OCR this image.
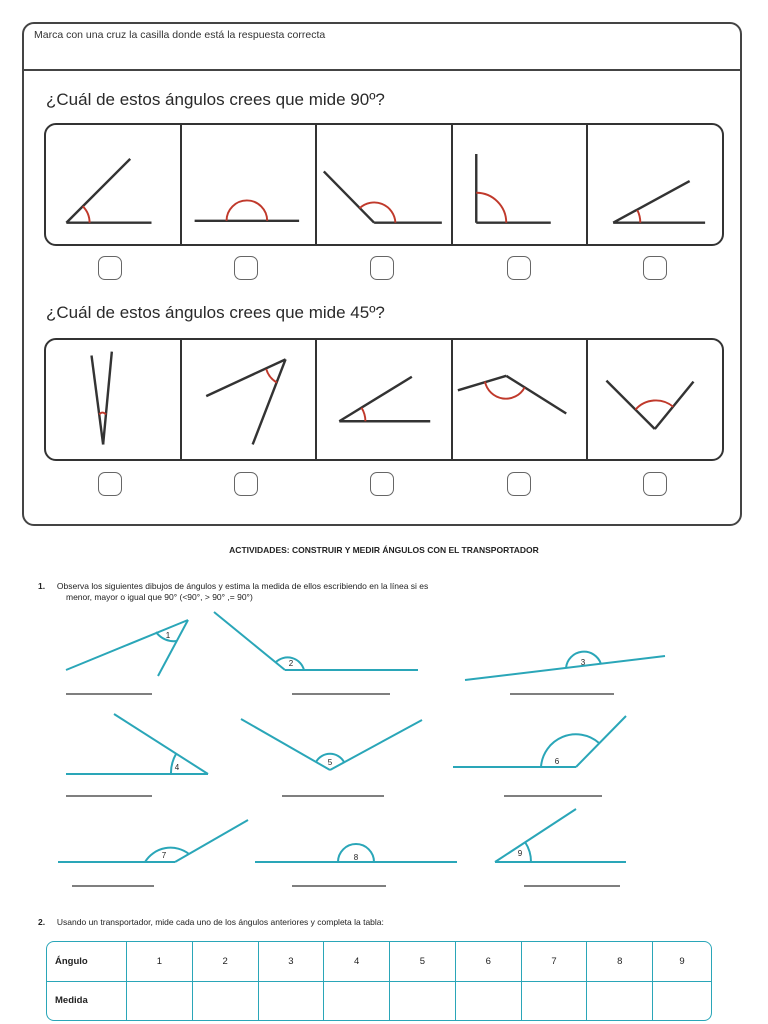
Marca con una cruz la casilla donde está la respuesta correcta
¿Cuál de estos ángulos crees que mide 90º?
¿Cuál de estos ángulos crees que mide 45º?
ACTIVIDADES: CONSTRUIR Y MEDIR ÁNGULOS CON EL TRANSPORTADOR
1. Observa los siguientes dibujos de ángulos y estima la medida de ellos escribiendo en la línea si es
menor, mayor o igual que 90° (<90°, > 90° ,= 90°)
1
2	3
4
5	6
7	8	9
2. Usando un transportador, mide cada uno de los ángulos anteriores y completa la tabla:
Ángulo	1	2	3	4	5	6	7	8	9
Medida									
